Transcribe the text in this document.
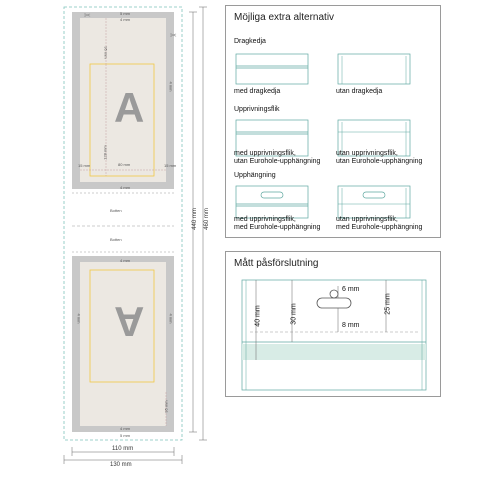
✂
✂
A
A
5 mm
4 mm
4 mm
95 mm
128 mm
80 mm
15 mm	15 mm
4 mm
Botten
Botten
4 mm
4 mm	4 mm
95 mm
4 mm
5 mm
110 mm
130 mm
440 mm 460 mm
Möjliga extra alternativ
Dragkedja
med dragkedja	utan dragkedja
Upprivningsflik
med upprivningsflik,
utan Eurohole-upphängning
utan upprivningsflik,
utan Eurohole-upphängning
Upphängning
med upprivningsflik,
med Eurohole-upphängning
utan upprivningsflik,
med Eurohole-upphängning
Mått påsförslutning
6 mm
8 mm
40 mm	30 mm	25 mm
